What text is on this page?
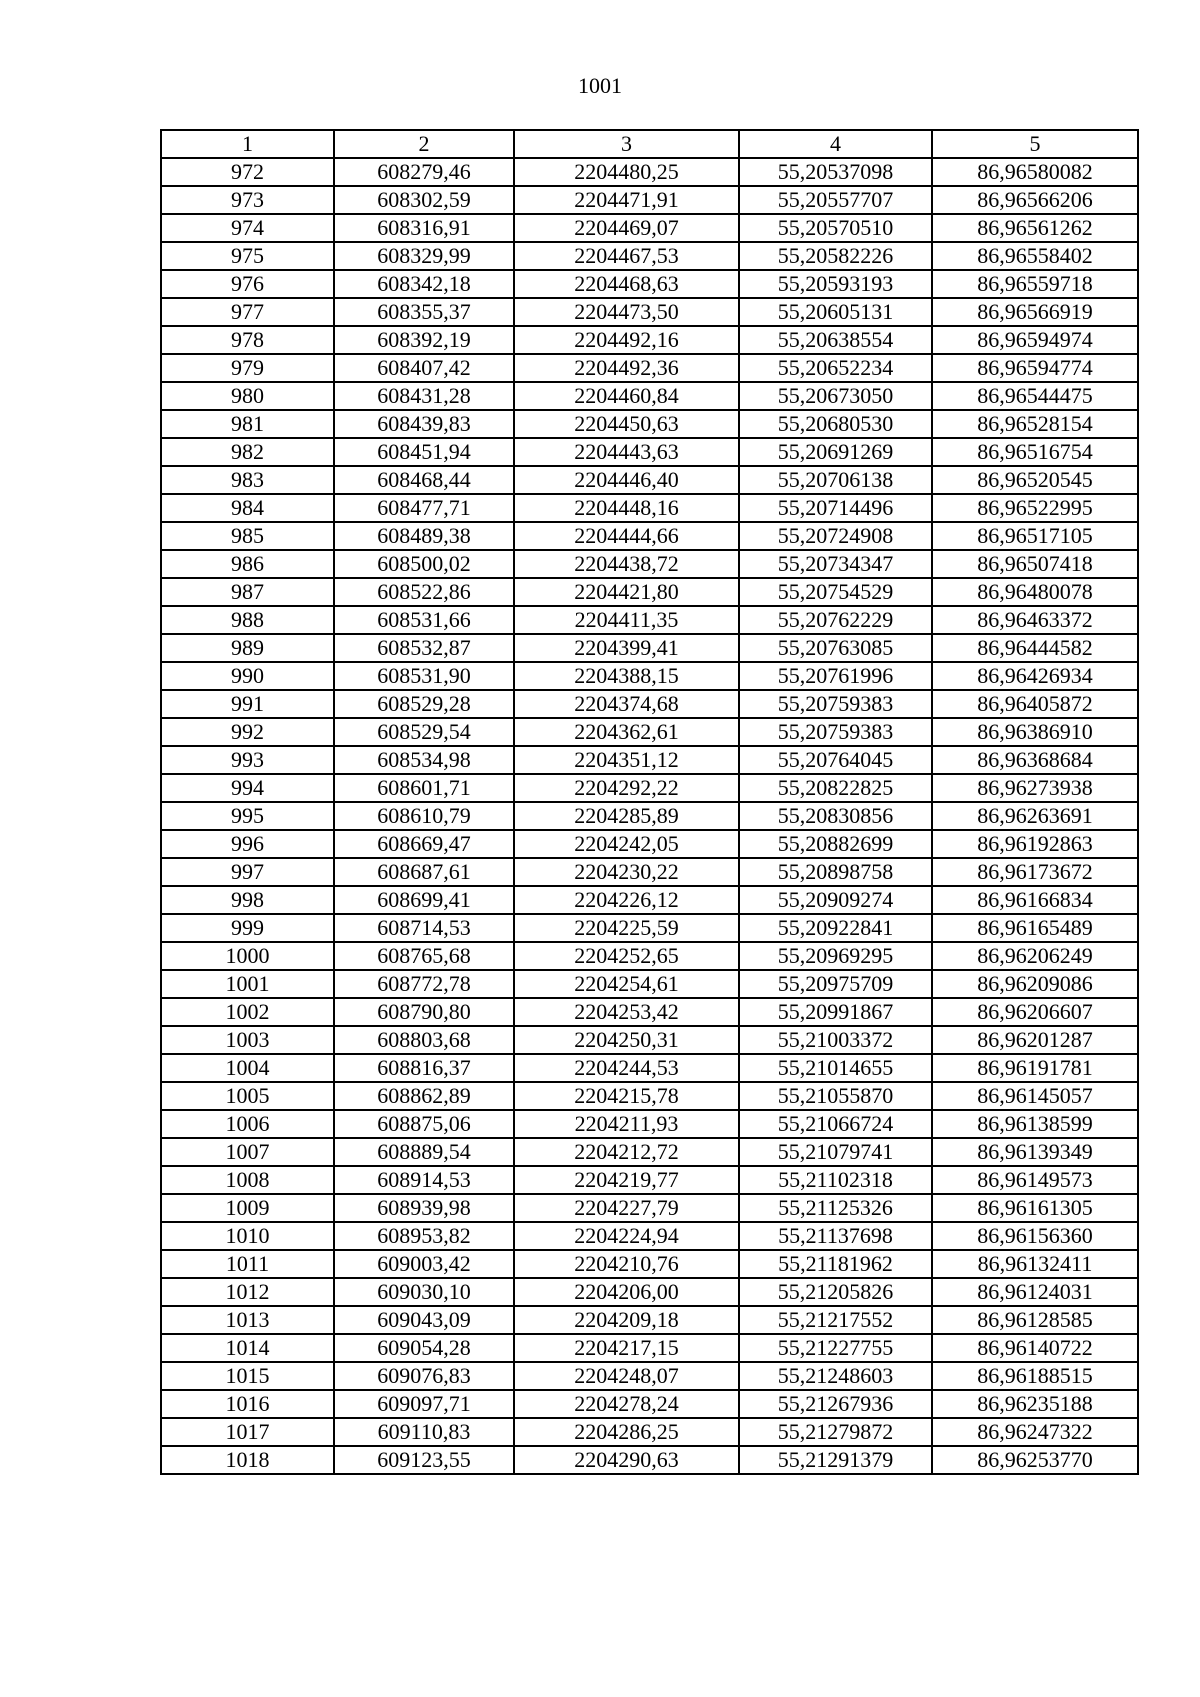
1001
1	2	3	4	5
972	608279,46	2204480,25	55,20537098	86,96580082
973	608302,59	2204471,91	55,20557707	86,96566206
974	608316,91	2204469,07	55,20570510	86,96561262
975	608329,99	2204467,53	55,20582226	86,96558402
976	608342,18	2204468,63	55,20593193	86,96559718
977	608355,37	2204473,50	55,20605131	86,96566919
978	608392,19	2204492,16	55,20638554	86,96594974
979	608407,42	2204492,36	55,20652234	86,96594774
980	608431,28	2204460,84	55,20673050	86,96544475
981	608439,83	2204450,63	55,20680530	86,96528154
982	608451,94	2204443,63	55,20691269	86,96516754
983	608468,44	2204446,40	55,20706138	86,96520545
984	608477,71	2204448,16	55,20714496	86,96522995
985	608489,38	2204444,66	55,20724908	86,96517105
986	608500,02	2204438,72	55,20734347	86,96507418
987	608522,86	2204421,80	55,20754529	86,96480078
988	608531,66	2204411,35	55,20762229	86,96463372
989	608532,87	2204399,41	55,20763085	86,96444582
990	608531,90	2204388,15	55,20761996	86,96426934
991	608529,28	2204374,68	55,20759383	86,96405872
992	608529,54	2204362,61	55,20759383	86,96386910
993	608534,98	2204351,12	55,20764045	86,96368684
994	608601,71	2204292,22	55,20822825	86,96273938
995	608610,79	2204285,89	55,20830856	86,96263691
996	608669,47	2204242,05	55,20882699	86,96192863
997	608687,61	2204230,22	55,20898758	86,96173672
998	608699,41	2204226,12	55,20909274	86,96166834
999	608714,53	2204225,59	55,20922841	86,96165489
1000	608765,68	2204252,65	55,20969295	86,96206249
1001	608772,78	2204254,61	55,20975709	86,96209086
1002	608790,80	2204253,42	55,20991867	86,96206607
1003	608803,68	2204250,31	55,21003372	86,96201287
1004	608816,37	2204244,53	55,21014655	86,96191781
1005	608862,89	2204215,78	55,21055870	86,96145057
1006	608875,06	2204211,93	55,21066724	86,96138599
1007	608889,54	2204212,72	55,21079741	86,96139349
1008	608914,53	2204219,77	55,21102318	86,96149573
1009	608939,98	2204227,79	55,21125326	86,96161305
1010	608953,82	2204224,94	55,21137698	86,96156360
1011	609003,42	2204210,76	55,21181962	86,96132411
1012	609030,10	2204206,00	55,21205826	86,96124031
1013	609043,09	2204209,18	55,21217552	86,96128585
1014	609054,28	2204217,15	55,21227755	86,96140722
1015	609076,83	2204248,07	55,21248603	86,96188515
1016	609097,71	2204278,24	55,21267936	86,96235188
1017	609110,83	2204286,25	55,21279872	86,96247322
1018	609123,55	2204290,63	55,21291379	86,96253770
